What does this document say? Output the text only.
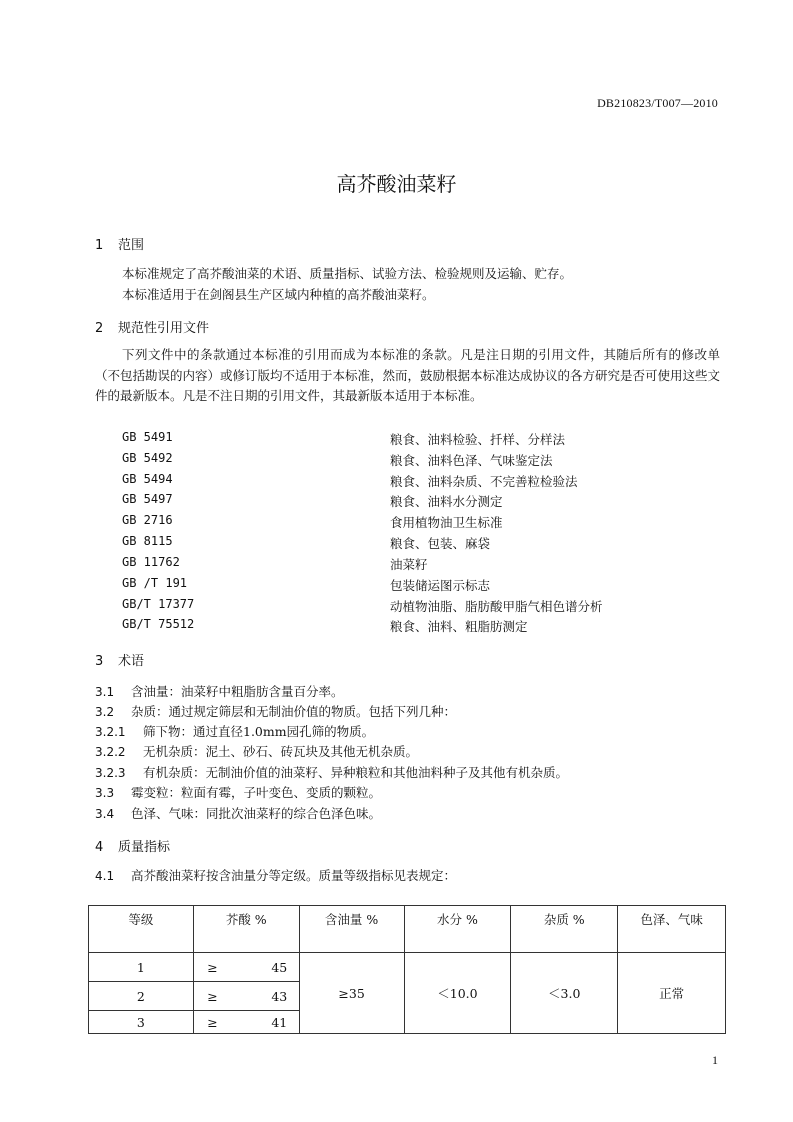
DB210823/T007—2010
高芥酸油菜籽
1 范围
本标准规定了高芥酸油菜的术语、质量指标、试验方法、检验规则及运输、贮存。
本标准适用于在剑阁县生产区域内种植的高芥酸油菜籽。
2 规范性引用文件
下列文件中的条款通过本标准的引用而成为本标准的条款。凡是注日期的引用文件，其随后所有的修改单（不包括勘误的内容）或修订版均不适用于本标准，然而，鼓励根据本标准达成协议的各方研究是否可使用这些文件的最新版本。凡是不注日期的引用文件，其最新版本适用于本标准。
GB 5491	粮食、油料检验、扦样、分样法
GB 5492	粮食、油料色泽、气味鉴定法
GB 5494	粮食、油料杂质、不完善粒检验法
GB 5497	粮食、油料水分测定
GB 2716	食用植物油卫生标准
GB 8115	粮食、包装、麻袋
GB 11762	油菜籽
GB /T 191	包装储运图示标志
GB/T 17377	动植物油脂、脂肪酸甲脂气相色谱分析
GB/T 75512	粮食、油料、粗脂肪测定
3 术语
3.1 含油量：油菜籽中粗脂肪含量百分率。
3.2 杂质：通过规定筛层和无制油价值的物质。包括下列几种：
3.2.1 筛下物：通过直径1.0mm园孔筛的物质。
3.2.2 无机杂质：泥土、砂石、砖瓦块及其他无机杂质。
3.2.3 有机杂质：无制油价值的油菜籽、异种粮粒和其他油料种子及其他有机杂质。
3.3 霉变粒：粒面有霉，子叶变色、变质的颗粒。
3.4 色泽、气味：同批次油菜籽的综合色泽色味。
4 质量指标
4.1 高芥酸油菜籽按含油量分等定级。质量等级指标见表规定：
等级	芥酸 %	含油量 %	水分 %	杂质 %	色泽、气味
1	≥ 45	≥35	＜10.0	＜3.0	正常
2	≥ 43				
3	≥ 41				
1
